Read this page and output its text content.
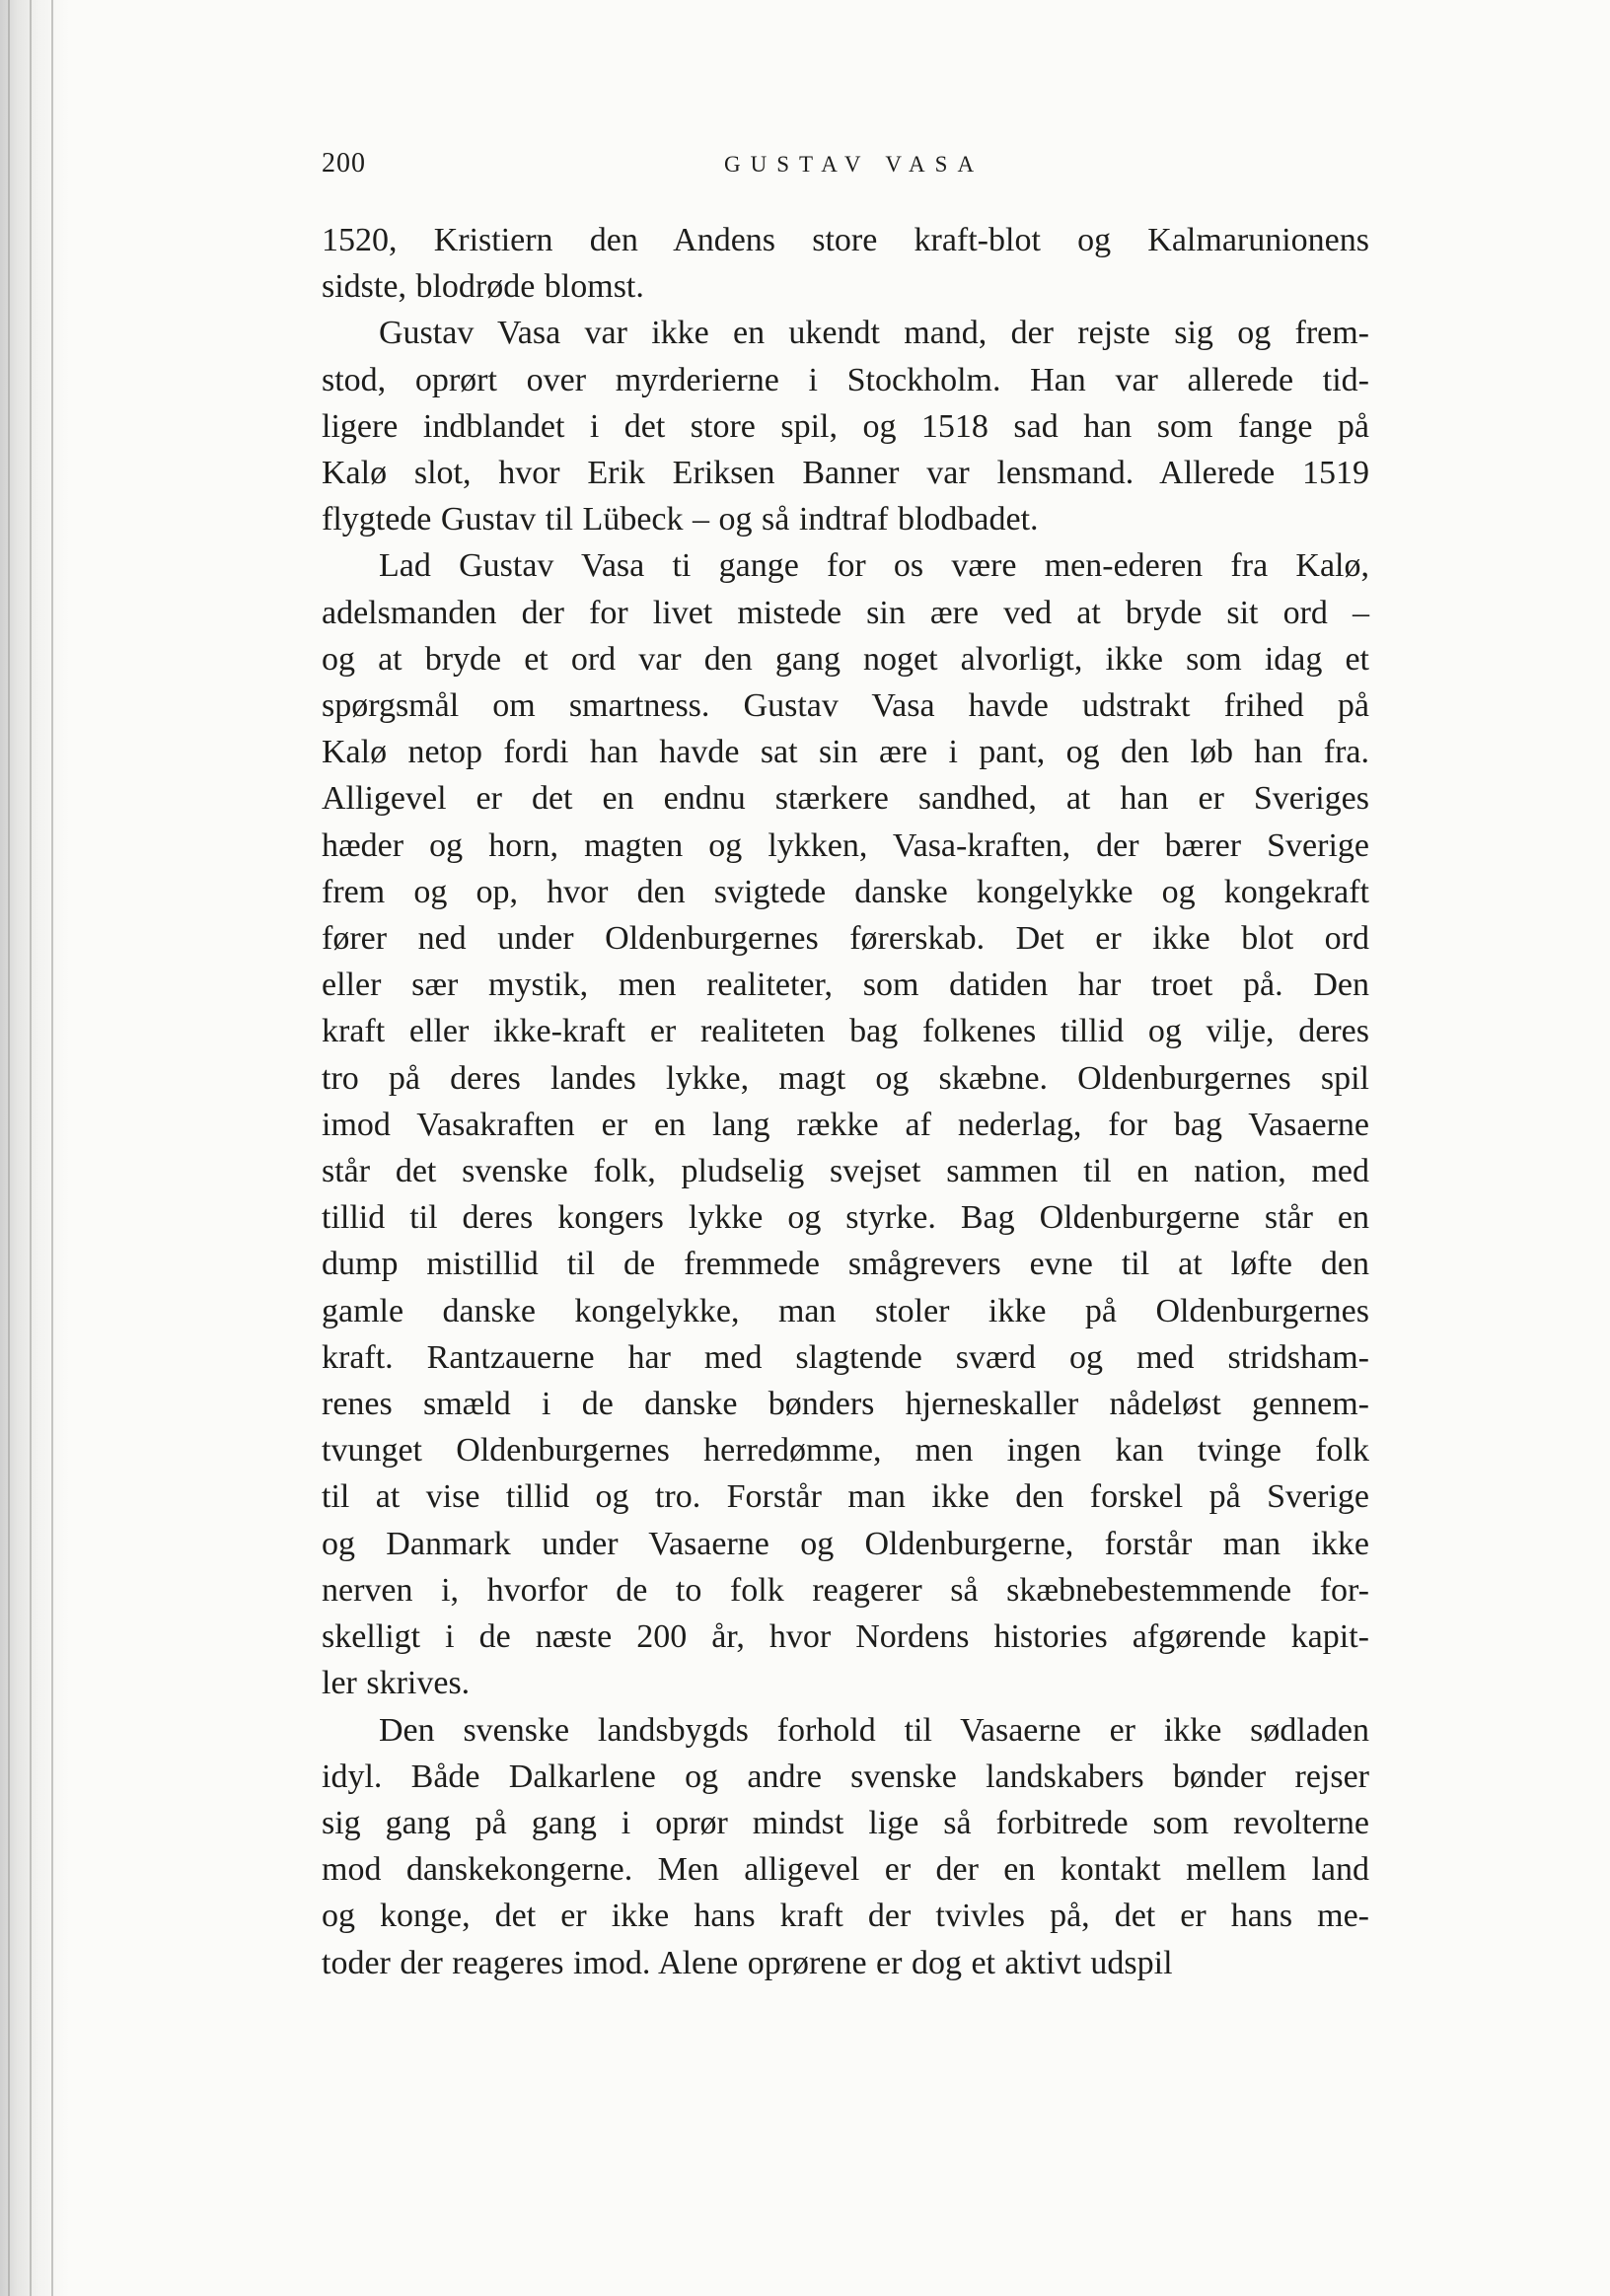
200	GUSTAV VASA

1520, Kristiern den Andens store kraft-blot og Kalmarunionens
sidste, blodrøde blomst.

Gustav Vasa var ikke en ukendt mand, der rejste sig og frem-
stod, oprørt over myrderierne i Stockholm. Han var allerede tid-
ligere indblandet i det store spil, og 1518 sad han som fange på
Kalø slot, hvor Erik Eriksen Banner var lensmand. Allerede 1519
flygtede Gustav til Lübeck – og så indtraf blodbadet.

Lad Gustav Vasa ti gange for os være men-ederen fra Kalø,
adelsmanden der for livet mistede sin ære ved at bryde sit ord –
og at bryde et ord var den gang noget alvorligt, ikke som idag et
spørgsmål om smartness. Gustav Vasa havde udstrakt frihed på
Kalø netop fordi han havde sat sin ære i pant, og den løb han fra.
Alligevel er det en endnu stærkere sandhed, at han er Sveriges
hæder og horn, magten og lykken, Vasa-kraften, der bærer Sverige
frem og op, hvor den svigtede danske kongelykke og kongekraft
fører ned under Oldenburgernes førerskab. Det er ikke blot ord
eller sær mystik, men realiteter, som datiden har troet på. Den
kraft eller ikke-kraft er realiteten bag folkenes tillid og vilje, deres
tro på deres landes lykke, magt og skæbne. Oldenburgernes spil
imod Vasakraften er en lang række af nederlag, for bag Vasaerne
står det svenske folk, pludselig svejset sammen til en nation, med
tillid til deres kongers lykke og styrke. Bag Oldenburgerne står en
dump mistillid til de fremmede smågrevers evne til at løfte den
gamle danske kongelykke, man stoler ikke på Oldenburgernes
kraft. Rantzauerne har med slagtende sværd og med stridsham-
renes smæld i de danske bønders hjerneskaller nådeløst gennem-
tvunget Oldenburgernes herredømme, men ingen kan tvinge folk
til at vise tillid og tro. Forstår man ikke den forskel på Sverige
og Danmark under Vasaerne og Oldenburgerne, forstår man ikke
nerven i, hvorfor de to folk reagerer så skæbnebestemmende for-
skelligt i de næste 200 år, hvor Nordens histories afgørende kapit-
ler skrives.

Den svenske landsbygds forhold til Vasaerne er ikke sødladen
idyl. Både Dalkarlene og andre svenske landskabers bønder rejser
sig gang på gang i oprør mindst lige så forbitrede som revolterne
mod danskekongerne. Men alligevel er der en kontakt mellem land
og konge, det er ikke hans kraft der tvivles på, det er hans me-
toder der reageres imod. Alene oprørene er dog et aktivt udspil
